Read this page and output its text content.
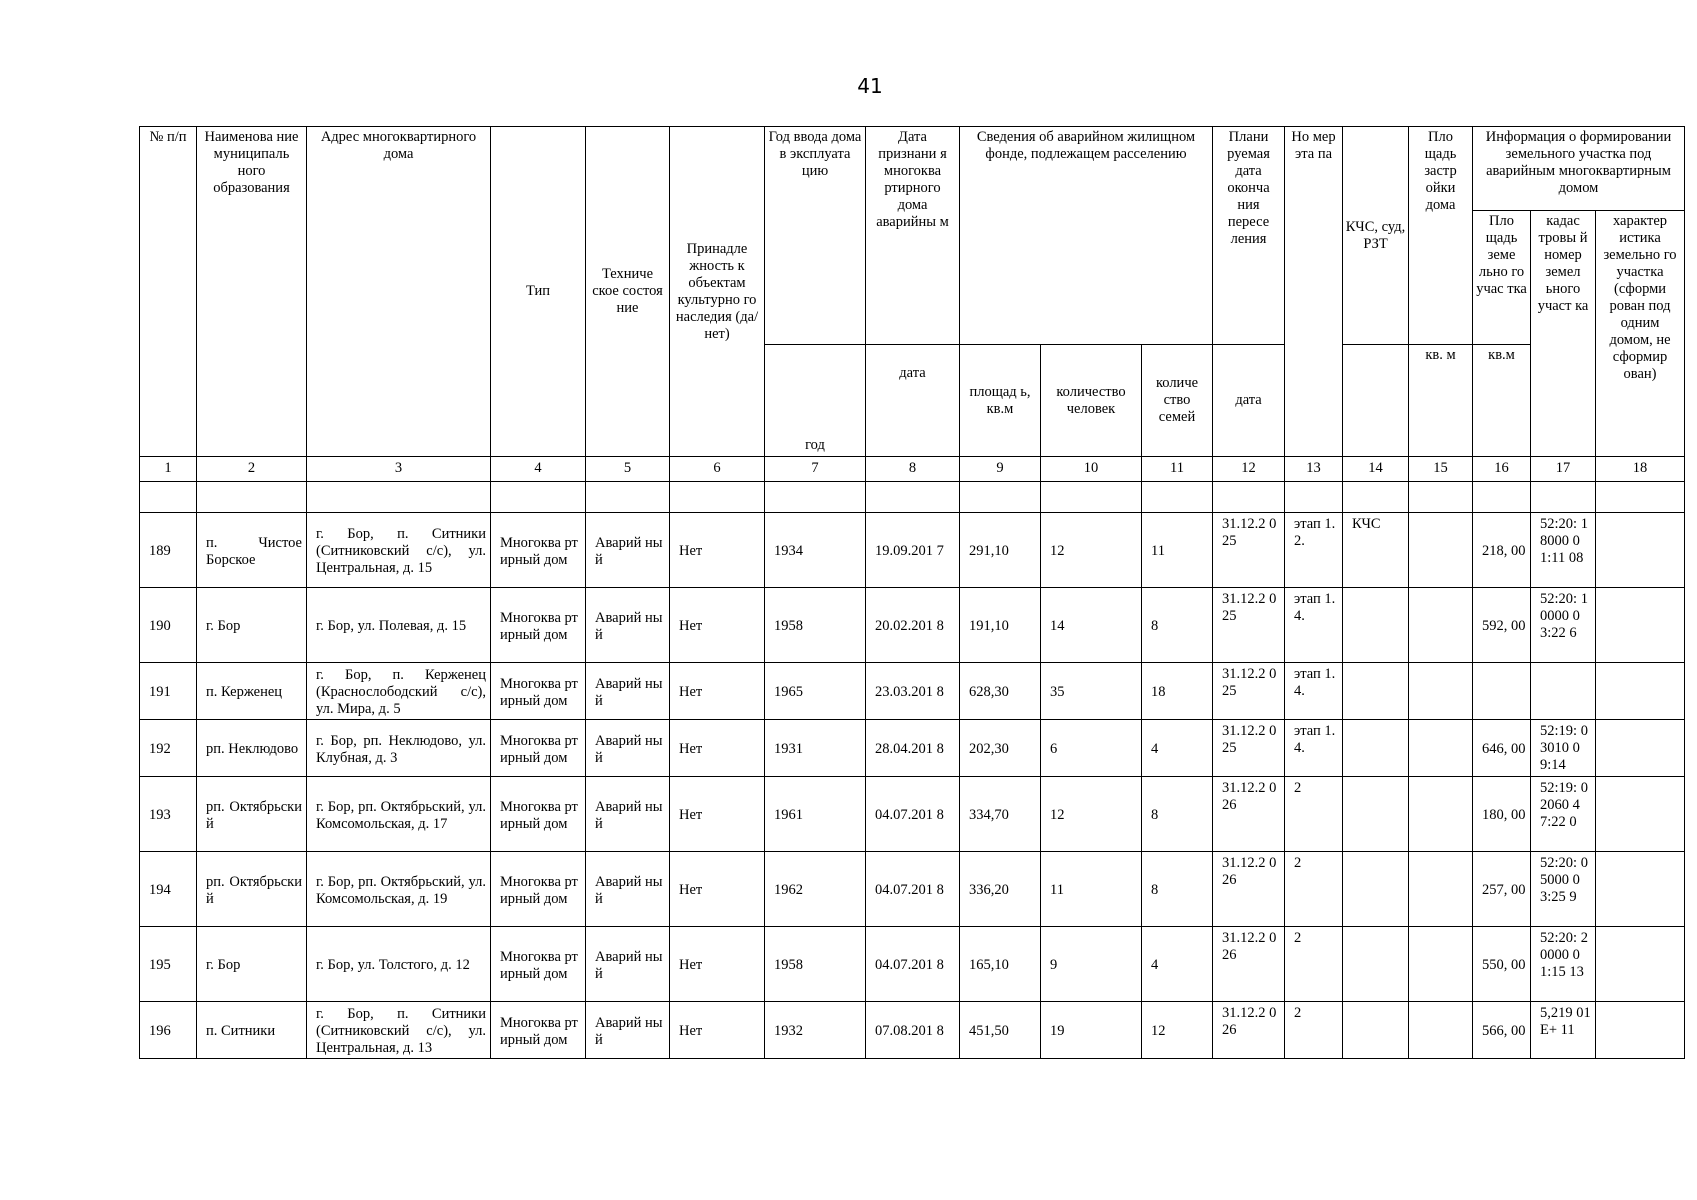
41
№ п/п	Наименова ние муниципаль ного образования	Адрес многоквартирного дома	Тип	Техниче ское состоя ние	Принадле жность к объектам культурно го наследия (да/нет)	Год ввода дома в эксплуата цию	Дата признани я многоква ртирного дома аварийны м	Сведения об аварийном жилищном фонде, подлежащем расселению			Плани руемая дата оконча ния пересе ления	Но мер эта па	КЧС, суд, РЗТ	Пло щадь застр ойки дома	Информация о формировании земельного участка под аварийным многоквартирным домом		
															Пло щадь земе льно го учас тка	кадас тровы й номер земел ьного участ ка	характер истика земельно го участка (сформи рован под одним домом, не сформир ован)
						год	дата	площад ь, кв.м	количество человек	количе ство семей	дата			кв. м	кв.м		
1	2	3	4	5	6	7	8	9	10	11	12	13	14	15	16	17	18

189	п. Чистое Борское	г. Бор, п. Ситники (Ситниковский с/с), ул. Центральная, д. 15	Многоква ртирный дом	Аварий ный	Нет	1934	19.09.201 7	291,10	12	11	31.12.2 025	этап 1.2.	КЧС		218, 00	52:20: 18000 01:11 08	
190	г. Бор	г. Бор, ул. Полевая, д. 15	Многоква ртирный дом	Аварий ный	Нет	1958	20.02.201 8	191,10	14	8	31.12.2 025	этап 1.4.			592, 00	52:20: 10000 03:22 6	
191	п. Керженец	г. Бор, п. Керженец (Краснослободский с/с), ул. Мира, д. 5	Многоква ртирный дом	Аварий ный	Нет	1965	23.03.201 8	628,30	35	18	31.12.2 025	этап 1.4.					
192	рп. Неклюдово	г. Бор, рп. Неклюдово, ул. Клубная, д. 3	Многоква ртирный дом	Аварий ный	Нет	1931	28.04.201 8	202,30	6	4	31.12.2 025	этап 1.4.			646, 00	52:19: 03010 09:14	
193	рп. Октябрьски й	г. Бор, рп. Октябрьский, ул. Комсомольская, д. 17	Многоква ртирный дом	Аварий ный	Нет	1961	04.07.201 8	334,70	12	8	31.12.2 026	2			180, 00	52:19: 02060 47:22 0	
194	рп. Октябрьски й	г. Бор, рп. Октябрьский, ул. Комсомольская, д. 19	Многоква ртирный дом	Аварий ный	Нет	1962	04.07.201 8	336,20	11	8	31.12.2 026	2			257, 00	52:20: 05000 03:25 9	
195	г. Бор	г. Бор, ул. Толстого, д. 12	Многоква ртирный дом	Аварий ный	Нет	1958	04.07.201 8	165,10	9	4	31.12.2 026	2			550, 00	52:20: 20000 01:15 13	
196	п. Ситники	г. Бор, п. Ситники (Ситниковский с/с), ул. Центральная, д. 13	Многоква ртирный дом	Аварий ный	Нет	1932	07.08.201 8	451,50	19	12	31.12.2 026	2			566, 00	5,219 01E+ 11	
